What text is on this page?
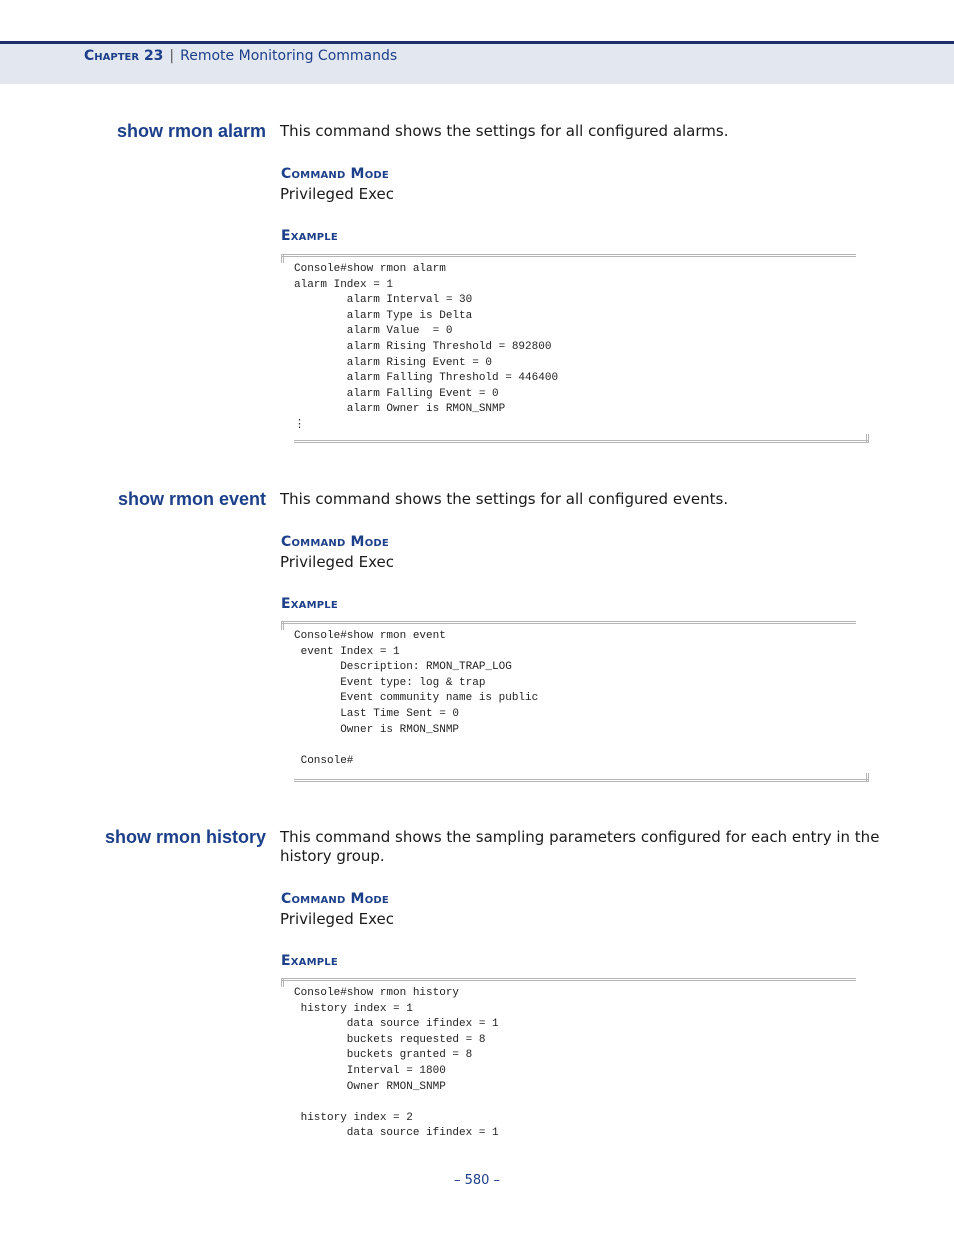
Chapter 23 | Remote Monitoring Commands
show rmon alarm This command shows the settings for all configured alarms.
Command Mode
Privileged Exec
Example
Console#show rmon alarm
alarm Index = 1
alarm Interval = 30
alarm Type is Delta
alarm Value  = 0
alarm Rising Threshold = 892800
alarm Rising Event = 0
alarm Falling Threshold = 446400
alarm Falling Event = 0
alarm Owner is RMON_SNMP
⋮
show rmon event This command shows the settings for all configured events.
Command Mode
Privileged Exec
Example
Console#show rmon event
event Index = 1
Description: RMON_TRAP_LOG
Event type: log & trap
Event community name is public
Last Time Sent = 0
Owner is RMON_SNMP

Console#
show rmon history This command shows the sampling parameters configured for each entry in the history group.
Command Mode
Privileged Exec
Example
Console#show rmon history
history index = 1
data source ifindex = 1
buckets requested = 8
buckets granted = 8
Interval = 1800
Owner RMON_SNMP

history index = 2
data source ifindex = 1
– 580 –
